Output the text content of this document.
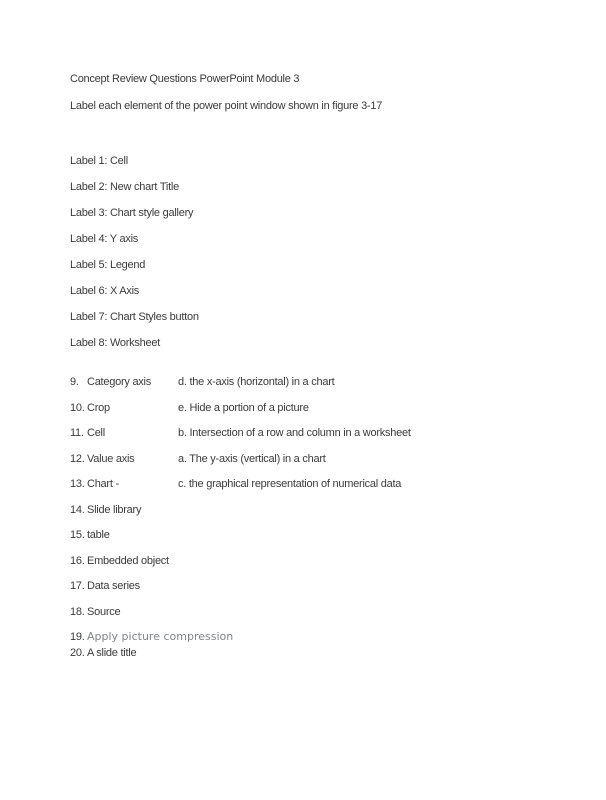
Concept Review Questions PowerPoint Module 3

Label each element of the power point window shown in figure 3-17

Label 1: Cell

Label 2: New chart Title

Label 3: Chart style gallery

Label 4: Y axis

Label 5: Legend

Label 6: X Axis

Label 7: Chart Styles button

Label 8: Worksheet

9. Category axis	d. the x-axis (horizontal) in a chart
10. Crop	e. Hide a portion of a picture
11. Cell	b. Intersection of a row and column in a worksheet
12. Value axis	a. The y-axis (vertical) in a chart
13. Chart -	c. the graphical representation of numerical data
14. Slide library
15. table
16. Embedded object
17. Data series
18. Source
19. Apply picture compression
20. A slide title
